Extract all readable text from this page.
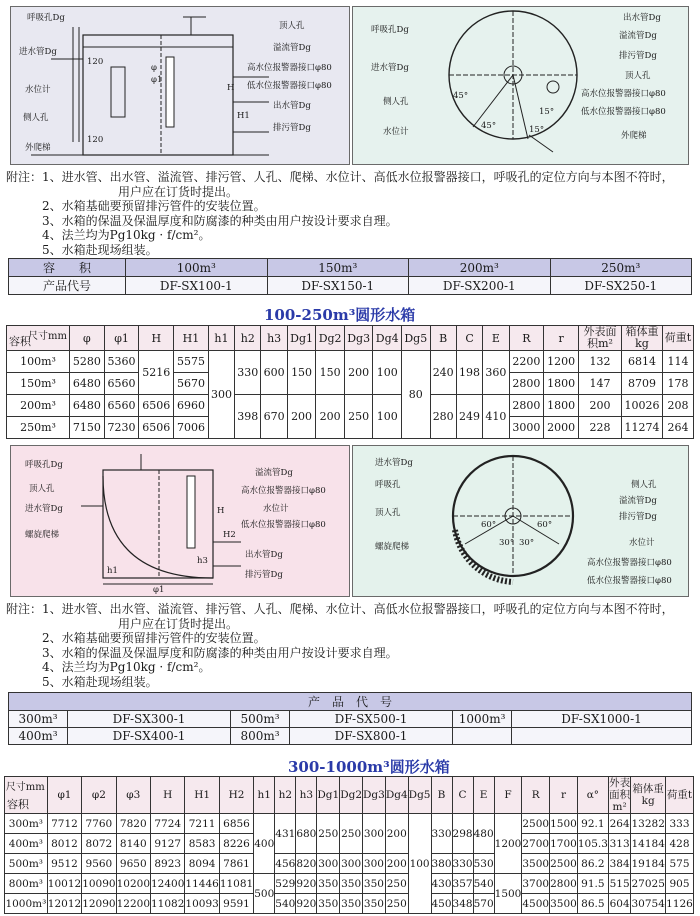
呼吸孔Dg
进水管Dg
水位计
侧人孔
外爬梯
顶人孔
溢流管Dg
高水位报警器接口φ80
低水位报警器接口φ80
出水管Dg
排污管Dg
120
φ
φ1
H
H1
120
呼吸孔Dg
进水管Dg
侧人孔
水位计
出水管Dg
溢流管Dg
排污管Dg
顶人孔
高水位报警器接口φ80
低水位报警器接口φ80
外爬梯
45°
45°
15°
15°
附注：1、进水管、出水管、溢流管、排污管、人孔、爬梯、水位计、高低水位报警器接口，呼吸孔的定位方向与本图不符时，
用户应在订货时提出。
2、水箱基础要预留排污管件的安装位置。
3、水箱的保温及保温厚度和防腐漆的种类由用户按设计要求自理。
4、法兰均为Pg10kg · f/cm²。
5、水箱赴现场组装。
容　　积	100m³	150m³	200m³	250m³
产品代号	DF-SX100-1	DF-SX150-1	DF-SX200-1	DF-SX250-1
100-250m³圆形水箱
尺寸mm
容积	φ	φ1	H	H1	h1	h2	h3	Dg1	Dg2	Dg3	Dg4	Dg5	B	C	E	R	r	外表面积m²	箱体重kg	荷重t
100m³	5280	5360	5216	5575	300	330	600	150	150	200	100	80	240	198	360	2200	1200	132	6814	114
150m³	6480	6560		5670												2800	1800	147	8709	178
200m³	6480	6560	6506	6960		398	670	200	200	250	100		280	249	410	2800	1800	200	10026	208
250m³	7150	7230	6506	7006												3000	2000	228	11274	264
呼吸孔Dg
顶人孔
进水管Dg
螺旋爬梯
溢流管Dg
高水位报警器接口φ80
水位计
低水位报警器接口φ80
出水管Dg
排污管Dg
H
H2
h3
φ1
h1
进水管Dg
呼吸孔
顶人孔
螺旋爬梯
侧人孔
溢流管Dg
排污管Dg
水位计
高水位报警器接口φ80
低水位报警器接口φ80
60°
30° 30°
60°
附注：1、进水管、出水管、溢流管、排污管、人孔、爬梯、水位计、高低水位报警器接口，呼吸孔的定位方向与本图不符时，
用户应在订货时提出。
2、水箱基础要预留排污管件的安装位置。
3、水箱的保温及保温厚度和防腐漆的种类由用户按设计要求自理。
4、法兰均为Pg10kg · f/cm²。
5、水箱赴现场组装。
产　品　代　号					
300m³	DF-SX300-1	500m³	DF-SX500-1	1000m³	DF-SX1000-1
400m³	DF-SX400-1	800m³	DF-SX800-1		
300-1000m³圆形水箱
尺寸mm
容积	φ1	φ2	φ3	H	H1	H2	h1	h2	h3	Dg1	Dg2	Dg3	Dg4	Dg5	B	C	E	F	R	r	α°	外表面积m²	箱体重kg	荷重t
300m³	7712	7760	7820	7724	7211	6856	400	431	680	250	250	300	200	100	330	298	480	1200	2500	1500	92.1	264	13282	333
400m³	8012	8072	8140	9127	8583	8226													2700	1700	105.3	313	14184	428
500m³	9512	9560	9650	8923	8094	7861		456	820	300	300	300	200		380	330	530		3500	2500	86.2	384	19184	575
800m³	10012	10090	10200	12400	11446	11081	500	529	920	350	350	350	250		430	357	540	1500	3700	2800	91.5	515	27025	905
1000m³	12012	12090	12200	11082	10093	9591		540	920	350	350	350	250		450	348	570		4500	3500	86.5	604	30754	1126
